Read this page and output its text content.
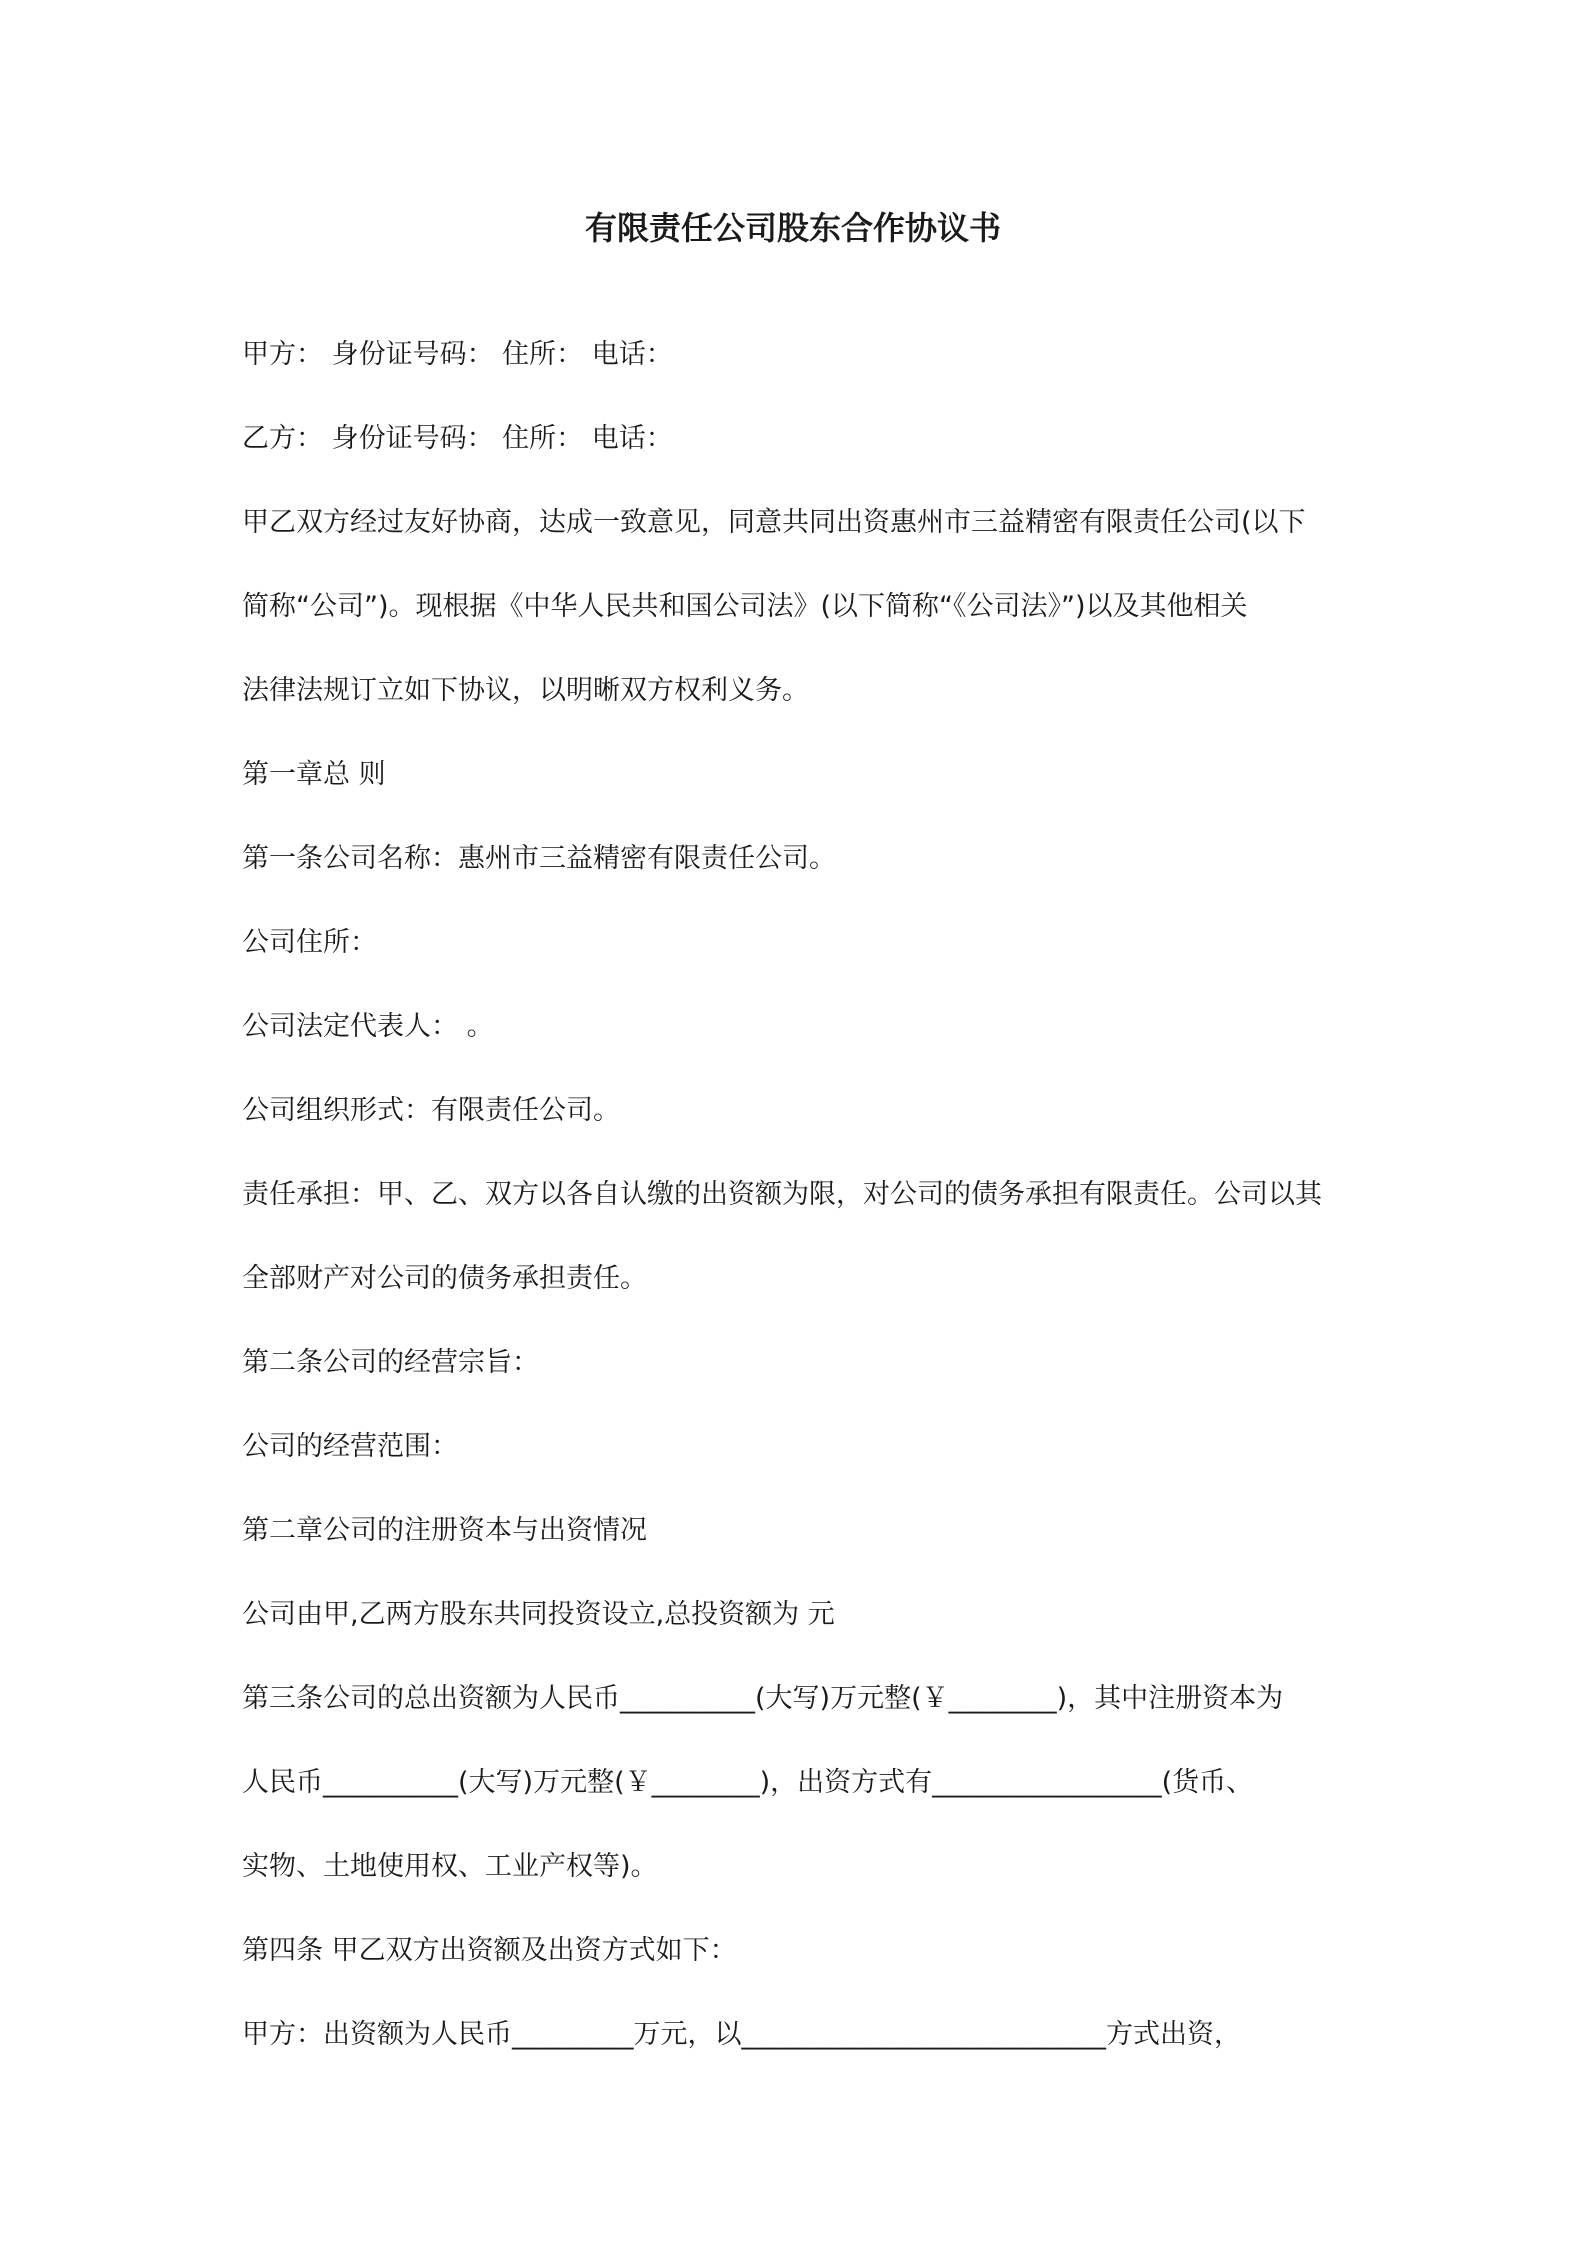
有限责任公司股东合作协议书
甲方： 身份证号码： 住所： 电话：
乙方： 身份证号码： 住所： 电话：
甲乙双方经过友好协商，达成一致意见，同意共同出资惠州市三益精密有限责任公司(以下
简称“公司”)。现根据《中华人民共和国公司法》(以下简称“《公司法》”)以及其他相关
法律法规订立如下协议，以明晰双方权利义务。
第一章总 则
第一条公司名称：惠州市三益精密有限责任公司。
公司住所：
公司法定代表人： 。
公司组织形式：有限责任公司。
责任承担：甲、乙、双方以各自认缴的出资额为限，对公司的债务承担有限责任。公司以其
全部财产对公司的债务承担责任。
第二条公司的经营宗旨：
公司的经营范围：
第二章公司的注册资本与出资情况
公司由甲,乙两方股东共同投资设立,总投资额为 元
第三条公司的总出资额为人民币__________(大写)万元整(￥________)，其中注册资本为
人民币__________(大写)万元整(￥________)，出资方式有_________________(货币、
实物、土地使用权、工业产权等)。
第四条 甲乙双方出资额及出资方式如下：
甲方：出资额为人民币_________万元，以___________________________方式出资，
